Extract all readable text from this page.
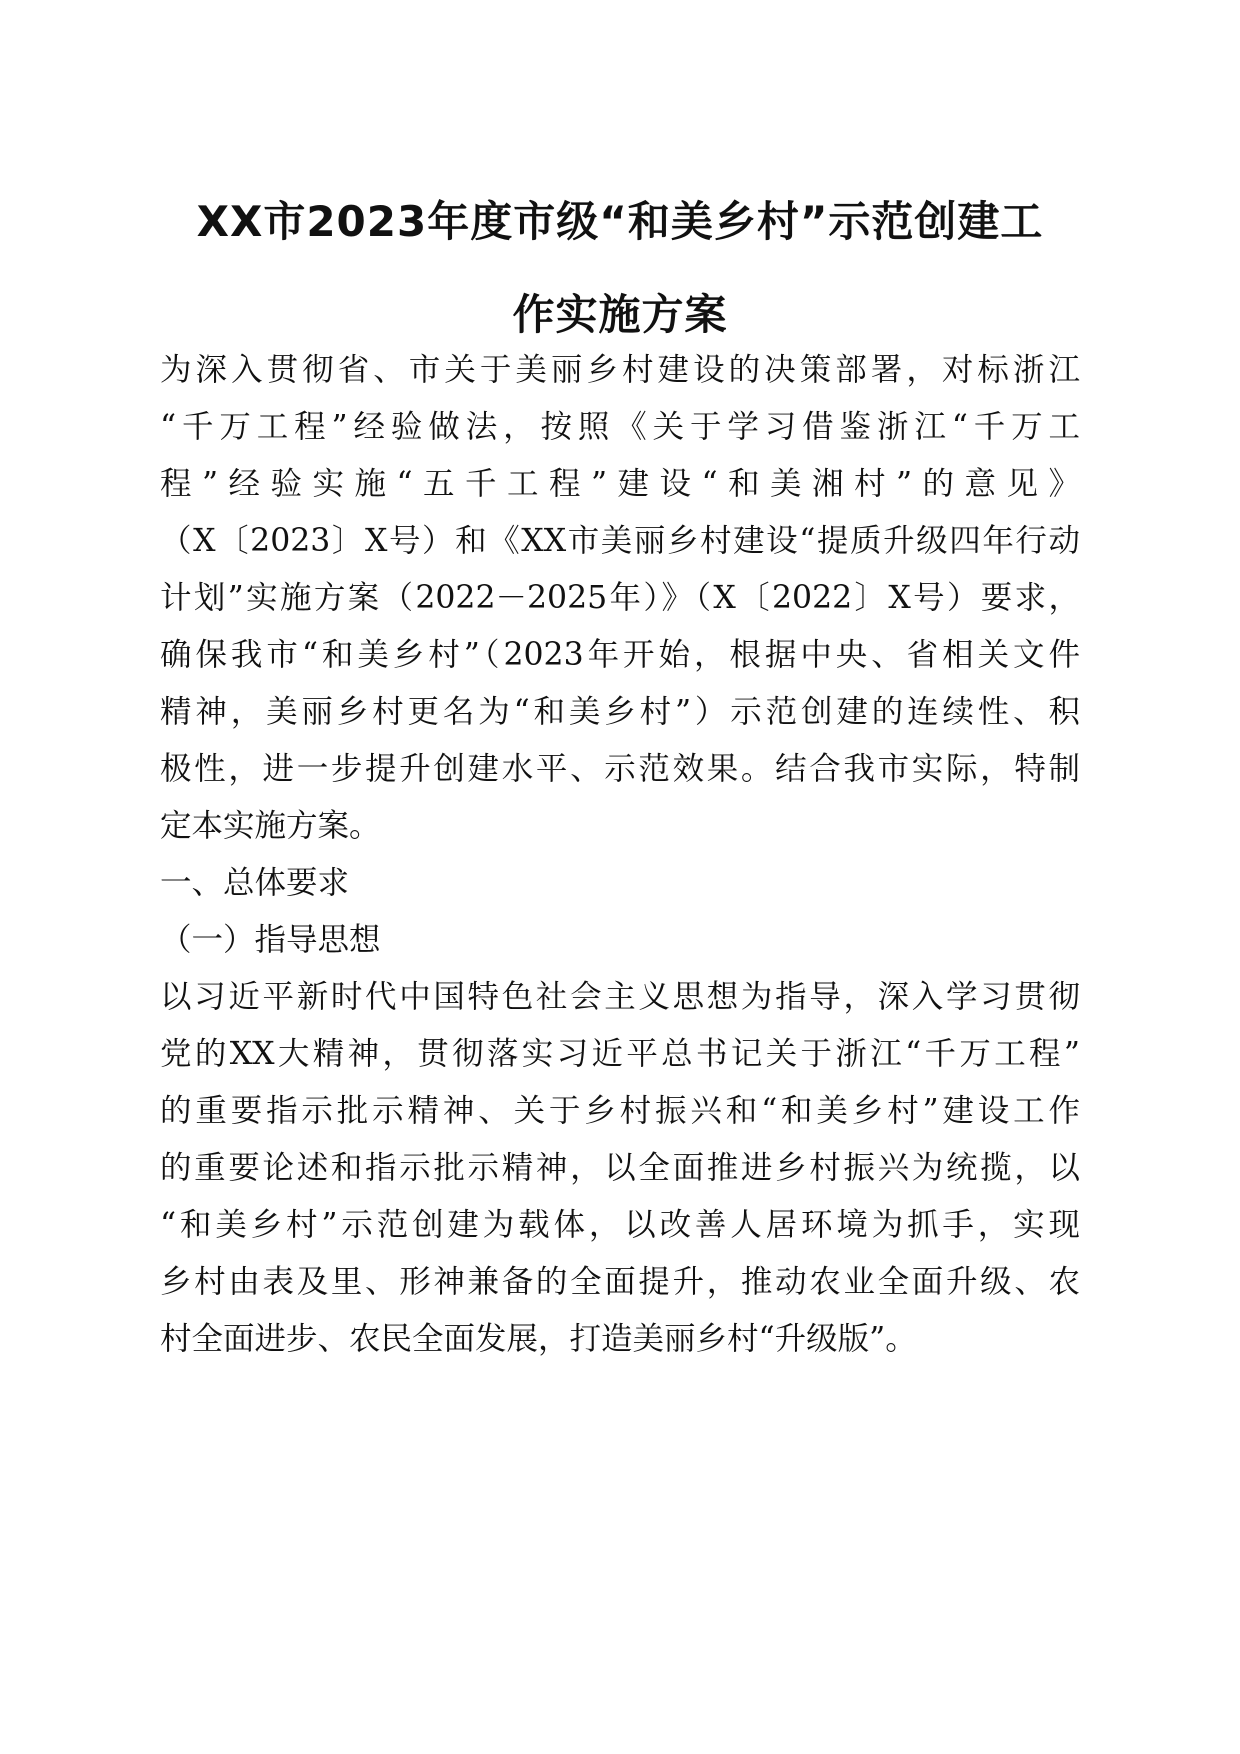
XX市2023年度市级“和美乡村”示范创建工
作实施方案
为深入贯彻省、市关于美丽乡村建设的决策部署，对标浙江
“千万工程”经验做法，按照《关于学习借鉴浙江“千万工
程”经验实施“五千工程”建设“和美湘村”的意见》
（X〔2023〕X号）和《XX市美丽乡村建设“提质升级四年行动
计划”实施方案（2022－2025年）》（X〔2022〕X号）要求，
确保我市“和美乡村”（2023年开始，根据中央、省相关文件
精神，美丽乡村更名为“和美乡村”）示范创建的连续性、积
极性，进一步提升创建水平、示范效果。结合我市实际，特制
定本实施方案。
一、总体要求
（一）指导思想
以习近平新时代中国特色社会主义思想为指导，深入学习贯彻
党的XX大精神，贯彻落实习近平总书记关于浙江“千万工程”
的重要指示批示精神、关于乡村振兴和“和美乡村”建设工作
的重要论述和指示批示精神，以全面推进乡村振兴为统揽，以
“和美乡村”示范创建为载体，以改善人居环境为抓手，实现
乡村由表及里、形神兼备的全面提升，推动农业全面升级、农
村全面进步、农民全面发展，打造美丽乡村“升级版”。
